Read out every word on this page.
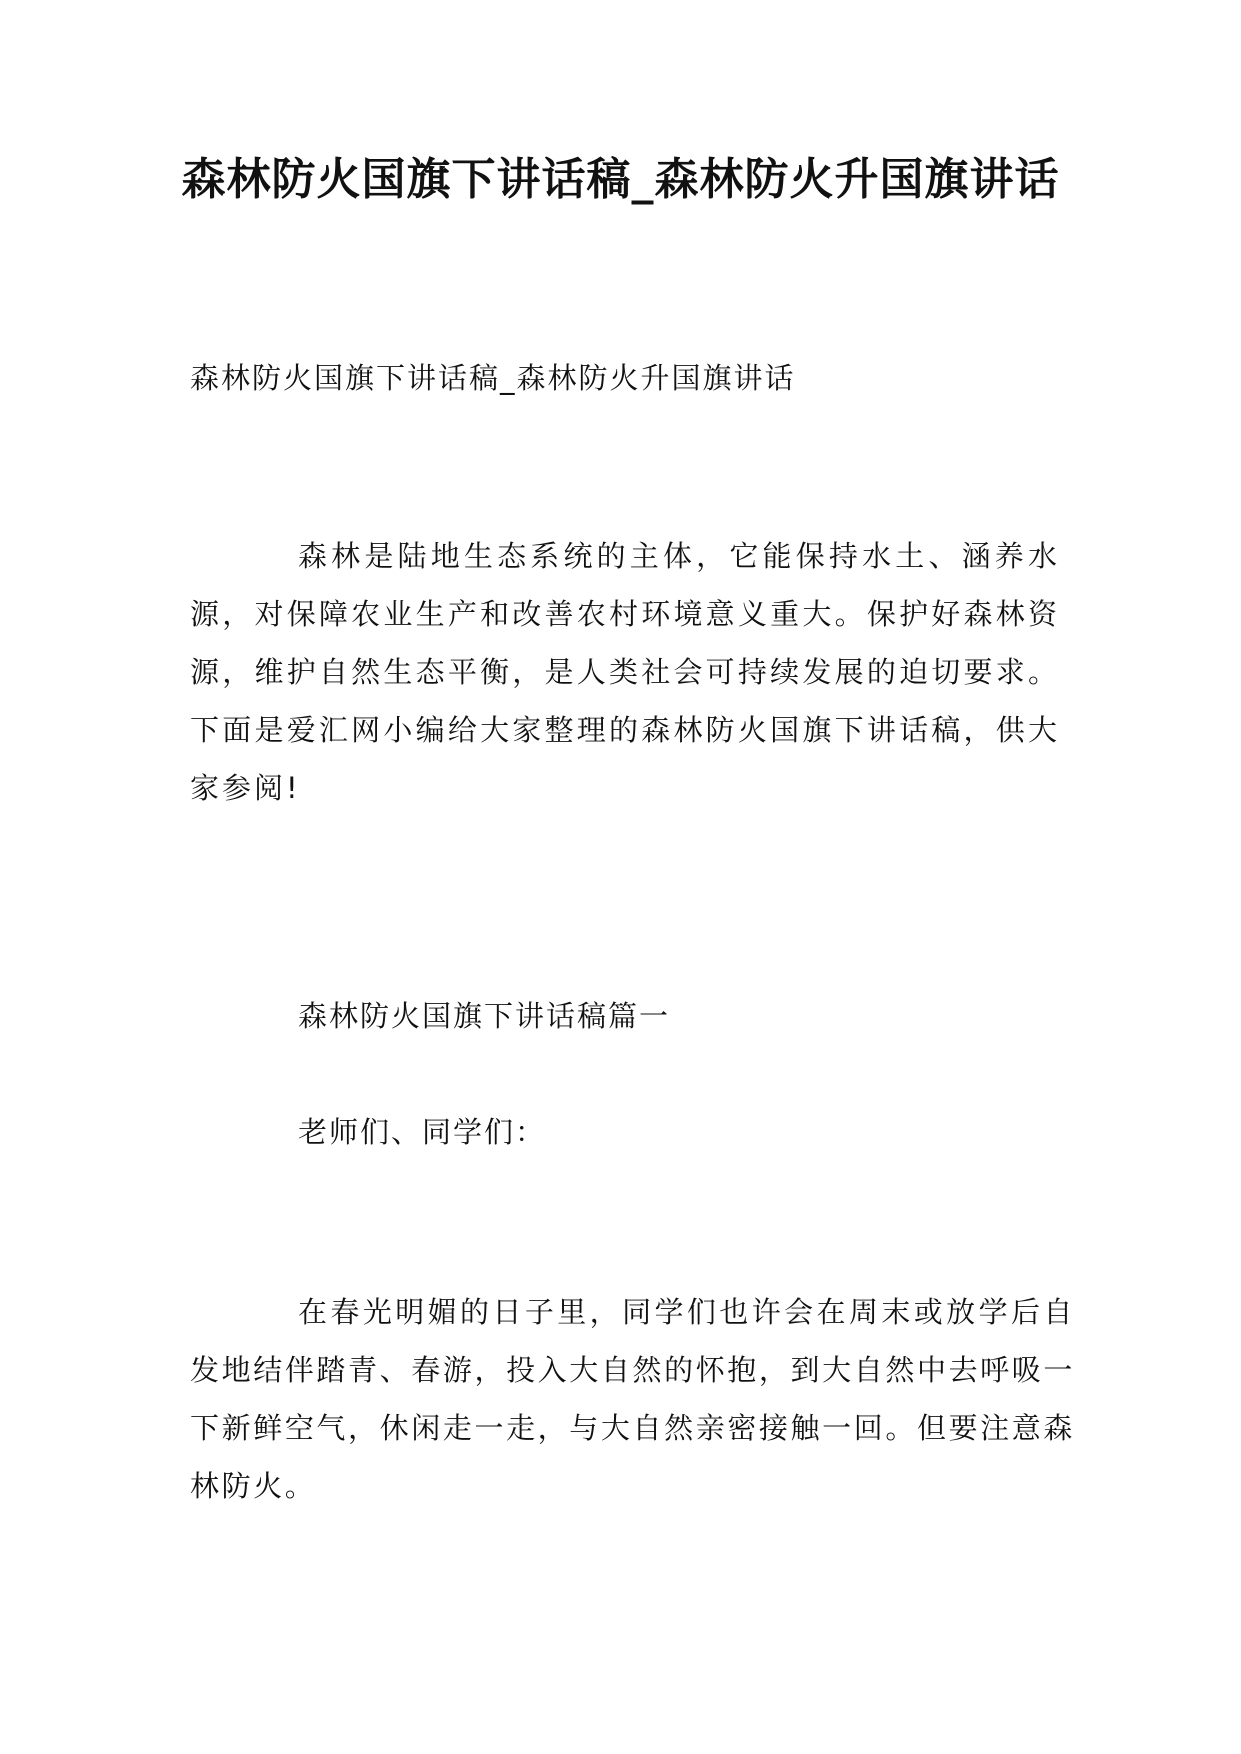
森林防火国旗下讲话稿_森林防火升国旗讲话

森林防火国旗下讲话稿_森林防火升国旗讲话

森林是陆地生态系统的主体，它能保持水土、涵养水源，对保障农业生产和改善农村环境意义重大。保护好森林资源，维护自然生态平衡，是人类社会可持续发展的迫切要求。下面是爱汇网小编给大家整理的森林防火国旗下讲话稿，供大家参阅!

森林防火国旗下讲话稿篇一

老师们、同学们：

在春光明媚的日子里，同学们也许会在周末或放学后自发地结伴踏青、春游，投入大自然的怀抱，到大自然中去呼吸一下新鲜空气，休闲走一走，与大自然亲密接触一回。但要注意森林防火。
